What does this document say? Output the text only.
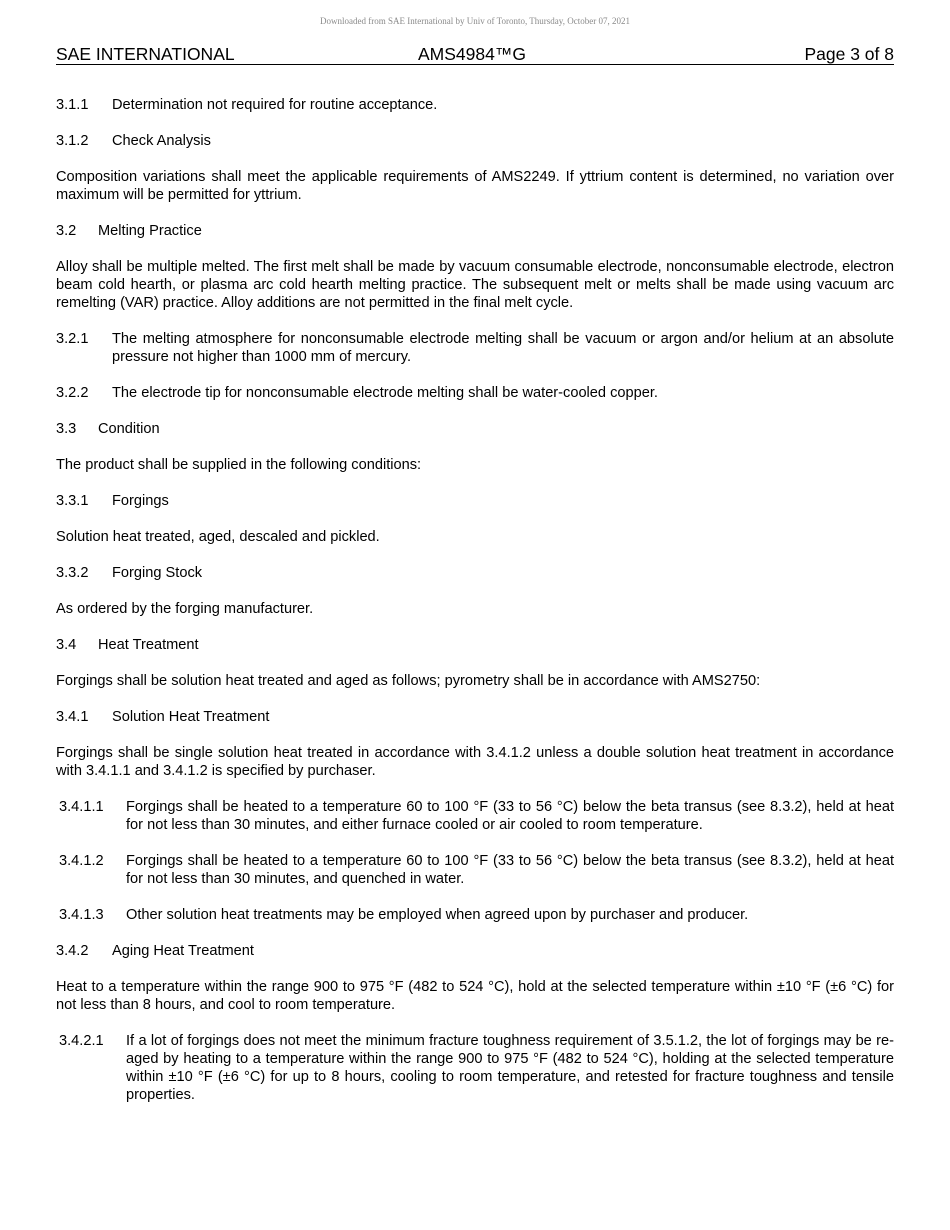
Downloaded from SAE International by Univ of Toronto, Thursday, October 07, 2021
SAE INTERNATIONAL	AMS4984™G	Page 3 of 8
3.1.1	Determination not required for routine acceptance.
3.1.2	Check Analysis

Composition variations shall meet the applicable requirements of AMS2249. If yttrium content is determined, no variation over maximum will be permitted for yttrium.

3.2	Melting Practice

Alloy shall be multiple melted. The first melt shall be made by vacuum consumable electrode, nonconsumable electrode, electron beam cold hearth, or plasma arc cold hearth melting practice. The subsequent melt or melts shall be made using vacuum arc remelting (VAR) practice. Alloy additions are not permitted in the final melt cycle.

3.2.1	The melting atmosphere for nonconsumable electrode melting shall be vacuum or argon and/or helium at an absolute pressure not higher than 1000 mm of mercury.
3.2.2	The electrode tip for nonconsumable electrode melting shall be water-cooled copper.
3.3	Condition

The product shall be supplied in the following conditions:

3.3.1	Forgings

Solution heat treated, aged, descaled and pickled.

3.3.2	Forging Stock

As ordered by the forging manufacturer.

3.4	Heat Treatment

Forgings shall be solution heat treated and aged as follows; pyrometry shall be in accordance with AMS2750:

3.4.1	Solution Heat Treatment

Forgings shall be single solution heat treated in accordance with 3.4.1.2 unless a double solution heat treatment in accordance with 3.4.1.1 and 3.4.1.2 is specified by purchaser.

3.4.1.1	Forgings shall be heated to a temperature 60 to 100 °F (33 to 56 °C) below the beta transus (see 8.3.2), held at heat for not less than 30 minutes, and either furnace cooled or air cooled to room temperature.
3.4.1.2	Forgings shall be heated to a temperature 60 to 100 °F (33 to 56 °C) below the beta transus (see 8.3.2), held at heat for not less than 30 minutes, and quenched in water.
3.4.1.3	Other solution heat treatments may be employed when agreed upon by purchaser and producer.
3.4.2	Aging Heat Treatment

Heat to a temperature within the range 900 to 975 °F (482 to 524 °C), hold at the selected temperature within ±10 °F (±6 °C) for not less than 8 hours, and cool to room temperature.

3.4.2.1	If a lot of forgings does not meet the minimum fracture toughness requirement of 3.5.1.2, the lot of forgings may be re-aged by heating to a temperature within the range 900 to 975 °F (482 to 524 °C), holding at the selected temperature within ±10 °F (±6 °C) for up to 8 hours, cooling to room temperature, and retested for fracture toughness and tensile properties.
